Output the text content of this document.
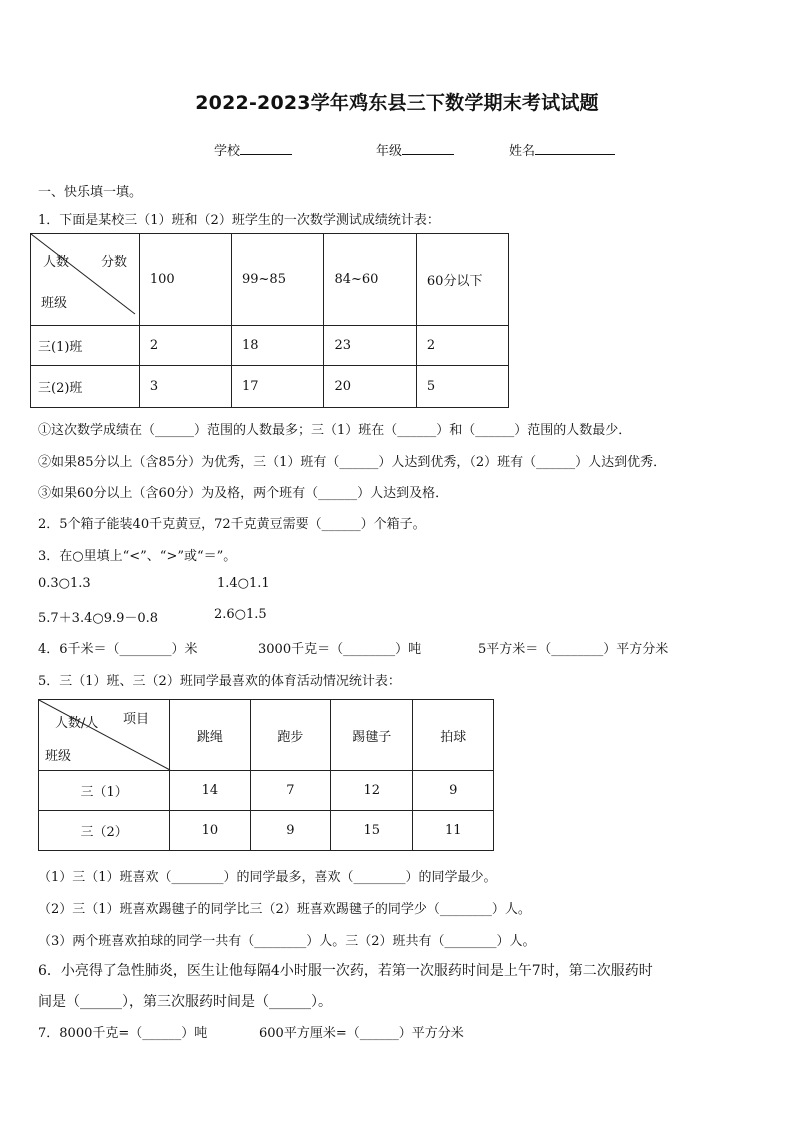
2022-2023学年鸡东县三下数学期末考试试题
学校	年级	姓名
一、快乐填一填。
1．下面是某校三（1）班和（2）班学生的一次数学测试成绩统计表：
人数 分数
班级	100	99~85	84~60	60分以下
三(1)班	2	18	23	2
三(2)班	3	17	20	5
①这次数学成绩在（______）范围的人数最多；三（1）班在（______）和（______）范围的人数最少．
②如果85分以上（含85分）为优秀，三（1）班有（______）人达到优秀，（2）班有（______）人达到优秀．
③如果60分以上（含60分）为及格，两个班有（______）人达到及格．
2．5个箱子能装40千克黄豆，72千克黄豆需要（______）个箱子。
3．在○里填上“<”、“>”或“＝”。
0.3○1.3	1.4○1.1
5.7＋3.4○9.9－0.8	2.6○1.5
4．6千米＝（________）米	3000千克＝（________）吨	5平方米＝（________）平方分米
5．三（1）班、三（2）班同学最喜欢的体育活动情况统计表：
人数/人 项目
班级	跳绳	跑步	踢毽子	拍球
三（1）	14	7	12	9
三（2）	10	9	15	11
（1）三（1）班喜欢（________）的同学最多，喜欢（________）的同学最少。
（2）三（1）班喜欢踢毽子的同学比三（2）班喜欢踢毽子的同学少（________）人。
（3）两个班喜欢拍球的同学一共有（________）人。三（2）班共有（________）人。
6．小亮得了急性肺炎，医生让他每隔4小时服一次药，若第一次服药时间是上午7时，第二次服药时
间是（______），第三次服药时间是（______）。
7．8000千克=（______）吨	600平方厘米=（______）平方分米
